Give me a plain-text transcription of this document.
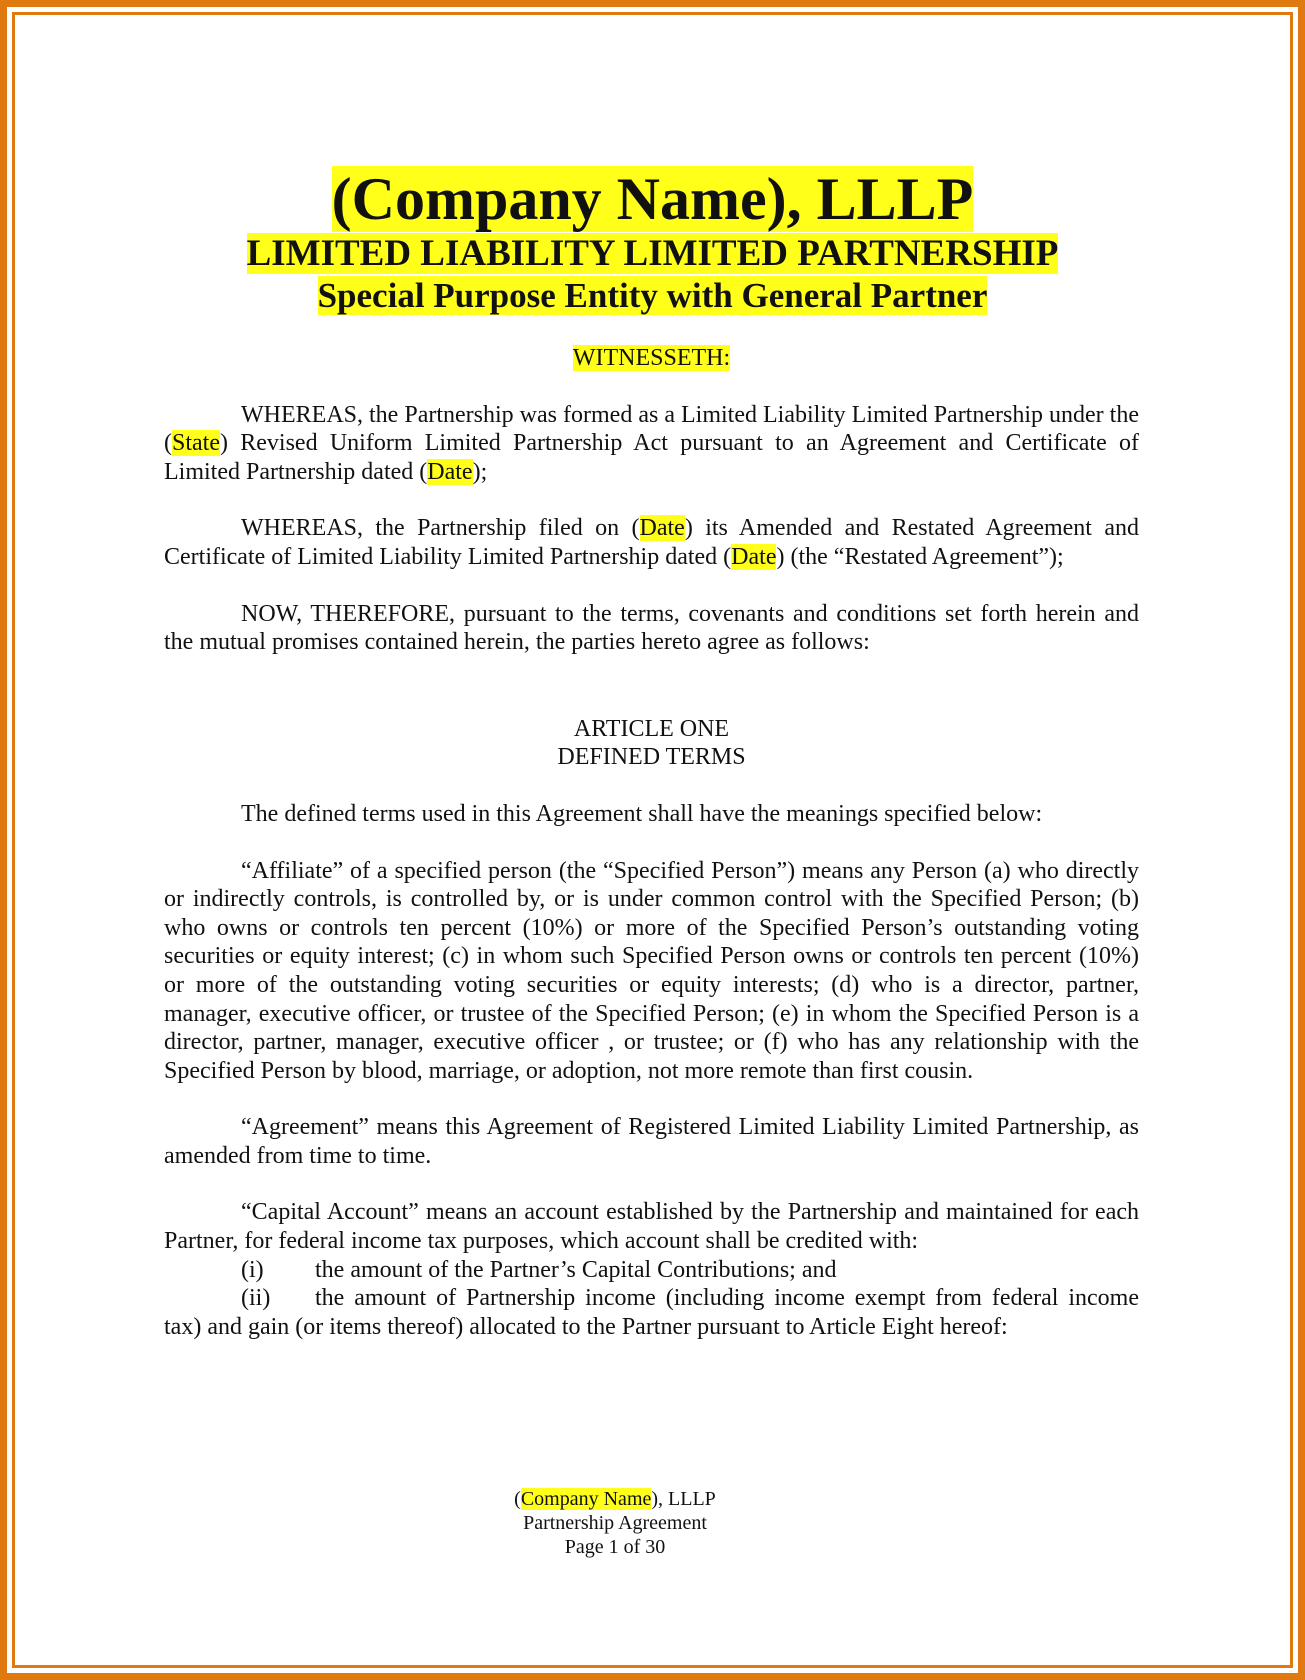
(Company Name), LLLP

LIMITED LIABILITY LIMITED PARTNERSHIP

Special Purpose Entity with General Partner

WITNESSETH:

WHEREAS, the Partnership was formed as a Limited Liability Limited Partnership under the (State) Revised Uniform Limited Partnership Act pursuant to an Agreement and Certificate of Limited Partnership dated (Date);

WHEREAS, the Partnership filed on (Date) its Amended and Restated Agreement and Certificate of Limited Liability Limited Partnership dated (Date) (the “Restated Agreement”);

NOW, THEREFORE, pursuant to the terms, covenants and conditions set forth herein and the mutual promises contained herein, the parties hereto agree as follows:

ARTICLE ONE

DEFINED TERMS

The defined terms used in this Agreement shall have the meanings specified below:

“Affiliate” of a specified person (the “Specified Person”) means any Person (a) who directly or indirectly controls, is controlled by, or is under common control with the Specified Person; (b) who owns or controls ten percent (10%) or more of the Specified Person’s outstanding voting securities or equity interest; (c) in whom such Specified Person owns or controls ten percent (10%) or more of the outstanding voting securities or equity interests; (d) who is a director, partner, manager, executive officer, or trustee of the Specified Person; (e) in whom the Specified Person is a director, partner, manager, executive officer , or trustee; or (f) who has any relationship with the Specified Person by blood, marriage, or adoption, not more remote than first cousin.

“Agreement” means this Agreement of Registered Limited Liability Limited Partnership, as amended from time to time.

“Capital Account” means an account established by the Partnership and maintained for each Partner, for federal income tax purposes, which account shall be credited with:

(i) the amount of the Partner’s Capital Contributions; and

(ii) the amount of Partnership income (including income exempt from federal income tax) and gain (or items thereof) allocated to the Partner pursuant to Article Eight hereof:

(Company Name), LLLP
Partnership Agreement
Page 1 of 30
